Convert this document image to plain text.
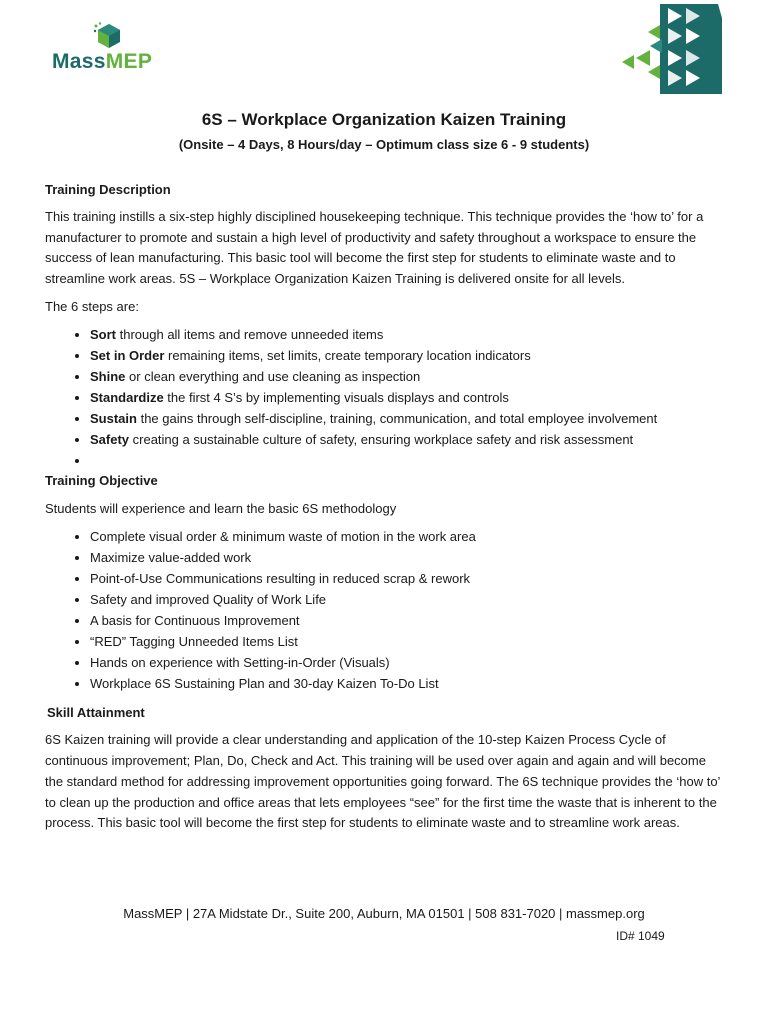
MassMEP
6S – Workplace Organization Kaizen Training
(Onsite – 4 Days, 8 Hours/day – Optimum class size 6 - 9 students)
Training Description

This training instills a six-step highly disciplined housekeeping technique. This technique provides the ‘how to’ for a manufacturer to promote and sustain a high level of productivity and safety throughout a workspace to ensure the success of lean manufacturing. This basic tool will become the first step for students to eliminate waste and to streamline work areas. 5S – Workplace Organization Kaizen Training is delivered onsite for all levels.

The 6 steps are:

• Sort through all items and remove unneeded items
• Set in Order remaining items, set limits, create temporary location indicators
• Shine or clean everything and use cleaning as inspection
• Standardize the first 4 S’s by implementing visuals displays and controls
• Sustain the gains through self-discipline, training, communication, and total employee involvement
• Safety creating a sustainable culture of safety, ensuring workplace safety and risk assessment
•
Training Objective

Students will experience and learn the basic 6S methodology

• Complete visual order & minimum waste of motion in the work area
• Maximize value-added work
• Point-of-Use Communications resulting in reduced scrap & rework
• Safety and improved Quality of Work Life
• A basis for Continuous Improvement
• “RED” Tagging Unneeded Items List
• Hands on experience with Setting-in-Order (Visuals)
• Workplace 6S Sustaining Plan and 30-day Kaizen To-Do List
Skill Attainment

6S Kaizen training will provide a clear understanding and application of the 10-step Kaizen Process Cycle of continuous improvement; Plan, Do, Check and Act. This training will be used over again and again and will become the standard method for addressing improvement opportunities going forward. The 6S technique provides the ‘how to’ to clean up the production and office areas that lets employees “see” for the first time the waste that is inherent to the process. This basic tool will become the first step for students to eliminate waste and to streamline work areas.

MassMEP | 27A Midstate Dr., Suite 200, Auburn, MA 01501 | 508 831-7020 | massmep.org
ID# 1049
